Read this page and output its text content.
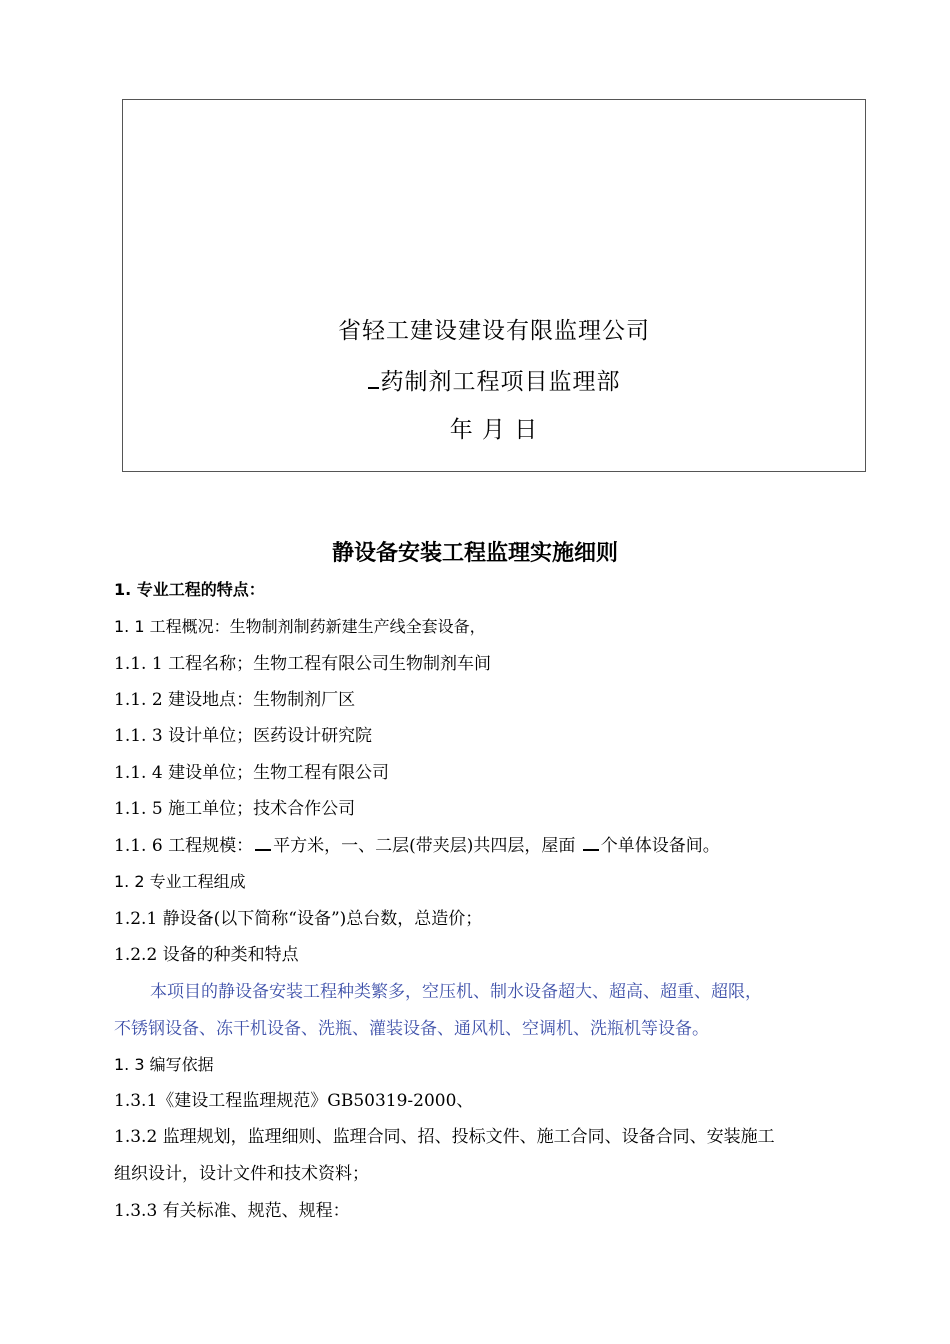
省轻工建设建设有限监理公司
药制剂工程项目监理部
年 月 日
静设备安装工程监理实施细则
1. 专业工程的特点：
1. 1 工程概况：生物制剂制药新建生产线全套设备，
1.1. 1 工程名称；生物工程有限公司生物制剂车间
1.1. 2 建设地点：生物制剂厂区
1.1. 3 设计单位；医药设计研究院
1.1. 4 建设单位；生物工程有限公司
1.1. 5 施工单位；技术合作公司
1.1. 6 工程规模： 平方米，一、二层(带夹层)共四层，屋面 个单体设备间。
1. 2 专业工程组成
1.2.1 静设备(以下简称“设备”)总台数，总造价；
1.2.2 设备的种类和特点
本项目的静设备安装工程种类繁多，空压机、制水设备超大、超高、超重、超限，
不锈钢设备、冻干机设备、洗瓶、灌装设备、通风机、空调机、洗瓶机等设备。
1. 3 编写依据
1.3.1《建设工程监理规范》GB50319-2000、
1.3.2 监理规划，监理细则、监理合同、招、投标文件、施工合同、设备合同、安装施工
组织设计，设计文件和技术资料；
1.3.3 有关标准、规范、规程：
